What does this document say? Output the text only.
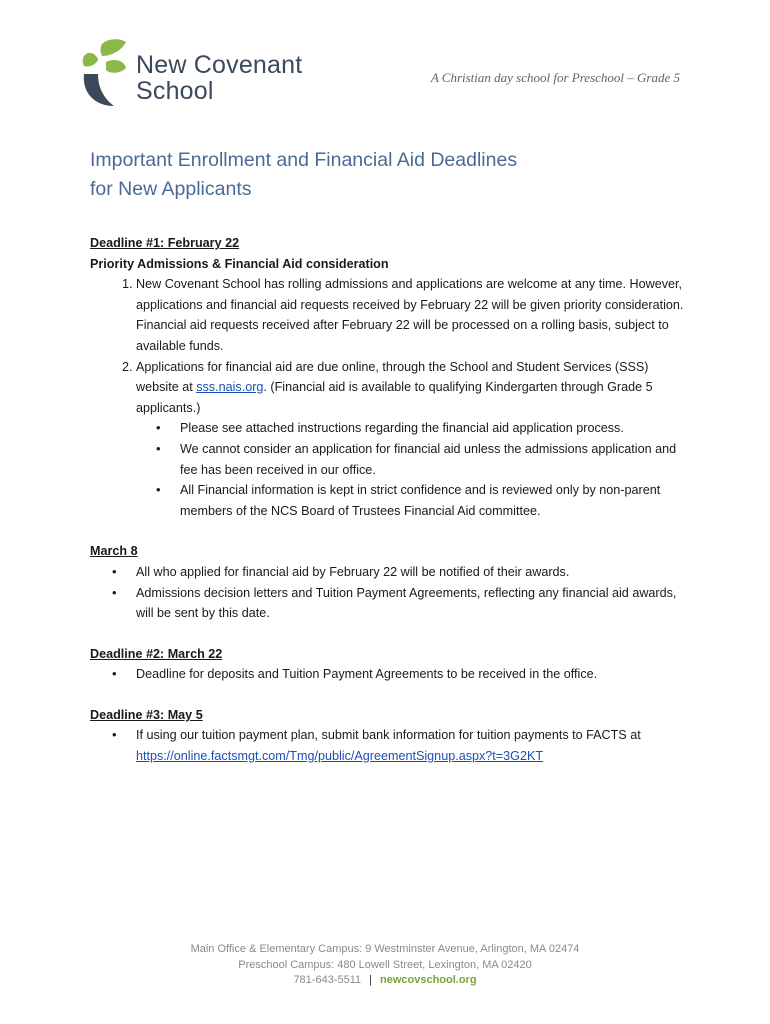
New Covenant
School	A Christian day school for Preschool – Grade 5
Important Enrollment and Financial Aid Deadlines
for New Applicants

Deadline #1: February 22

Priority Admissions & Financial Aid consideration

1. New Covenant School has rolling admissions and applications are welcome at any time. However, applications and financial aid requests received by February 22 will be given priority consideration. Financial aid requests received after February 22 will be processed on a rolling basis, subject to available funds.
2. Applications for financial aid are due online, through the School and Student Services (SSS) website at sss.nais.org. (Financial aid is available to qualifying Kindergarten through Grade 5 applicants.)
• Please see attached instructions regarding the financial aid application process.
• We cannot consider an application for financial aid unless the admissions application and fee has been received in our office.
• All Financial information is kept in strict confidence and is reviewed only by non-parent members of the NCS Board of Trustees Financial Aid committee.

March 8

• All who applied for financial aid by February 22 will be notified of their awards.
• Admissions decision letters and Tuition Payment Agreements, reflecting any financial aid awards, will be sent by this date.

Deadline #2: March 22

• Deadline for deposits and Tuition Payment Agreements to be received in the office.

Deadline #3: May 5

• If using our tuition payment plan, submit bank information for tuition payments to FACTS at
https://online.factsmgt.com/Tmg/public/AgreementSignup.aspx?t=3G2KT
Main Office & Elementary Campus: 9 Westminster Avenue, Arlington, MA 02474
Preschool Campus: 480 Lowell Street, Lexington, MA 02420
781-643-5511 | newcovschool.org
